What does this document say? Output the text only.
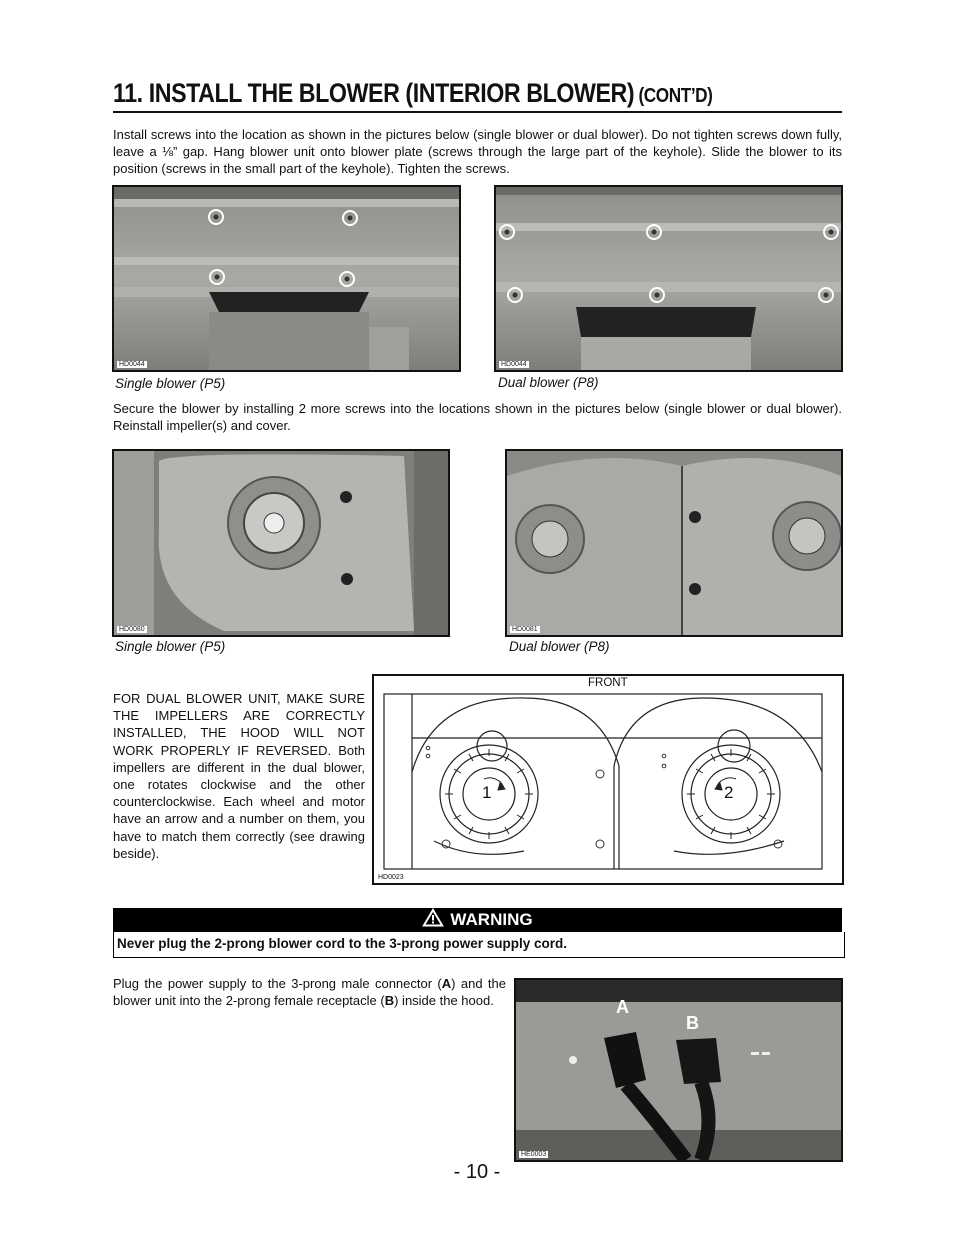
11. INSTALL THE BLOWER (INTERIOR BLOWER) (CONT’D)
Install screws into the location as shown in the pictures below (single blower or dual blower). Do not tighten screws down fully, leave a ⅛” gap. Hang blower unit onto blower plate (screws through the large part of the keyhole). Slide the blower to its position (screws in the small part of the keyhole). Tighten the screws.
HD0044	HD0044
Single blower (P5)	Dual blower (P8)
Secure the blower by installing 2 more screws into the locations shown in the pictures below (single blower or dual blower). Reinstall impeller(s) and cover.
HD0080	HD0081
Single blower (P5)	Dual blower (P8)
FOR DUAL BLOWER UNIT, MAKE SURE THE IMPELLERS ARE CORRECTLY INSTALLED, THE HOOD WILL NOT WORK PROPERLY IF REVERSED. Both impellers are different in the dual blower, one rotates clockwise and the other counterclockwise. Each wheel and motor have an arrow and a number on them, you have to match them correctly (see drawing beside).
FRONT
1	2
HD0023
WARNING
Never plug the 2-prong blower cord to the 3-prong power supply cord.
Plug the power supply to the 3-prong male connector (A) and the blower unit into the 2-prong female receptacle (B) inside the hood.	A
B
HE0003
- 10 -
